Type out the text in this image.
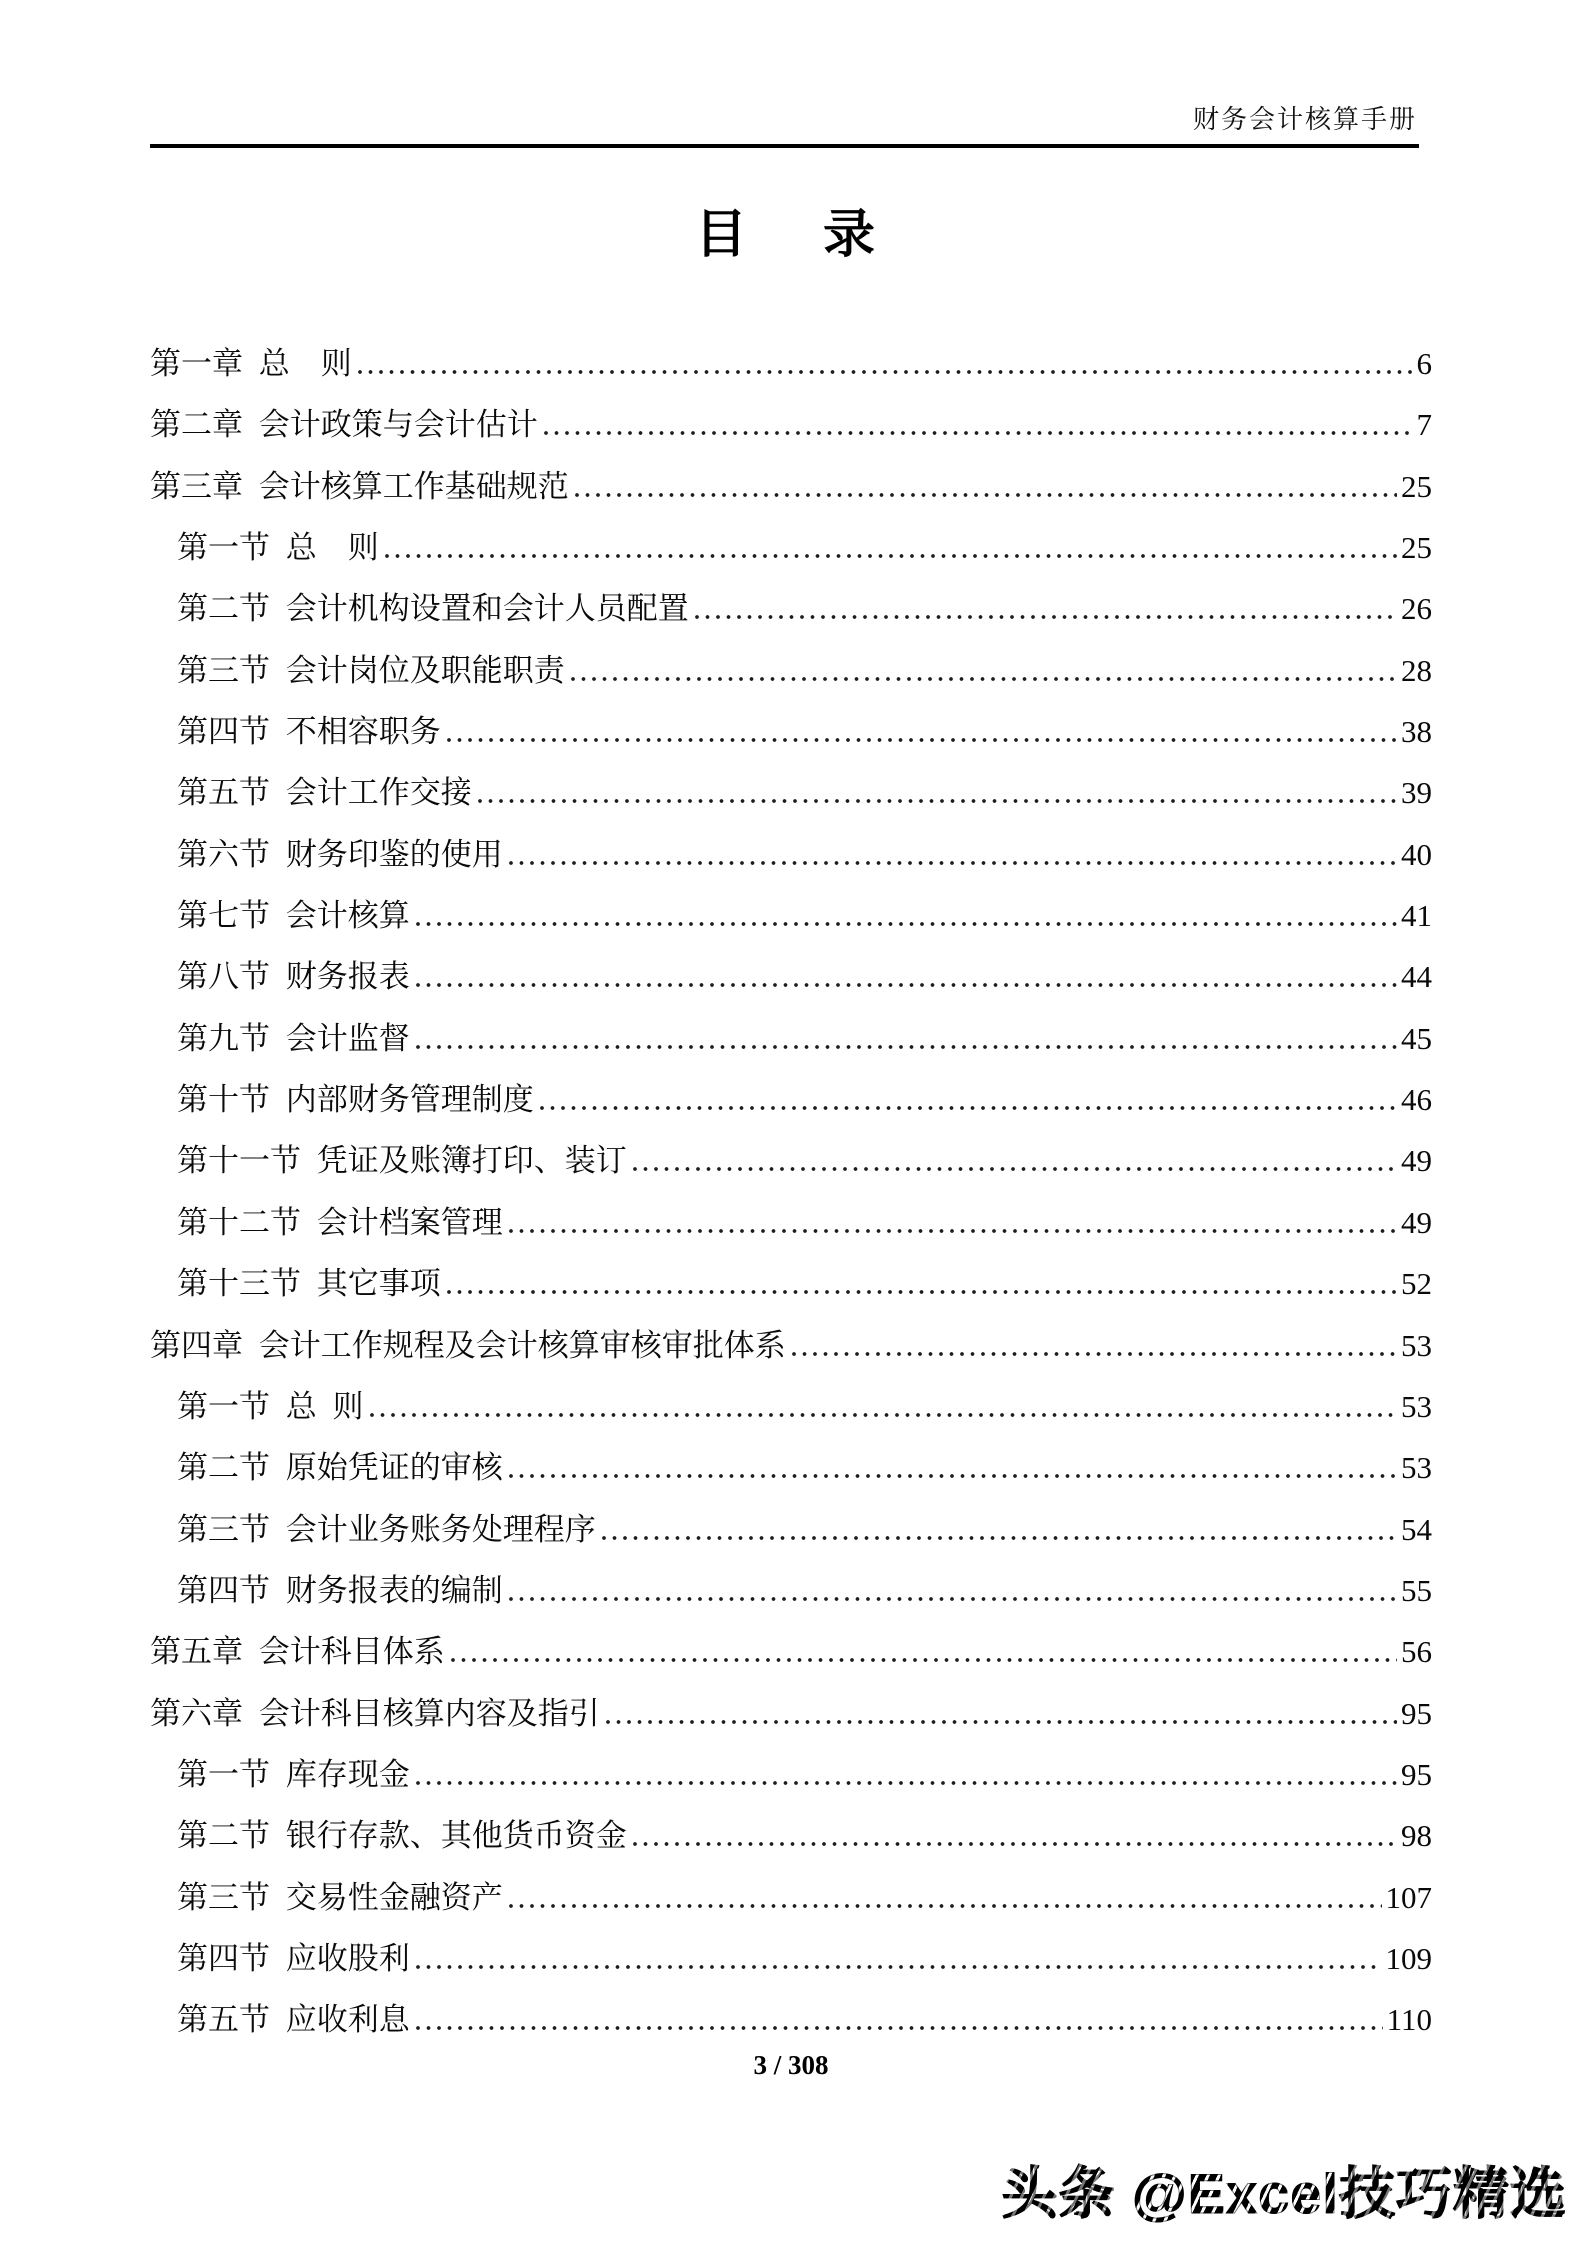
财务会计核算手册
目　录
第一章 总　则	6
第二章 会计政策与会计估计	7
第三章 会计核算工作基础规范	25
第一节 总　则	25
第二节 会计机构设置和会计人员配置	26
第三节 会计岗位及职能职责	28
第四节 不相容职务	38
第五节 会计工作交接	39
第六节 财务印鉴的使用	40
第七节 会计核算	41
第八节 财务报表	44
第九节 会计监督	45
第十节 内部财务管理制度	46
第十一节 凭证及账簿打印、装订	49
第十二节 会计档案管理	49
第十三节 其它事项	52
第四章 会计工作规程及会计核算审核审批体系	53
第一节 总 则	53
第二节 原始凭证的审核	53
第三节 会计业务账务处理程序	54
第四节 财务报表的编制	55
第五章 会计科目体系	56
第六章 会计科目核算内容及指引	95
第一节 库存现金	95
第二节 银行存款、其他货币资金	98
第三节 交易性金融资产	107
第四节 应收股利	109
第五节 应收利息	110
3 / 308
头条 @Excel技巧精选
